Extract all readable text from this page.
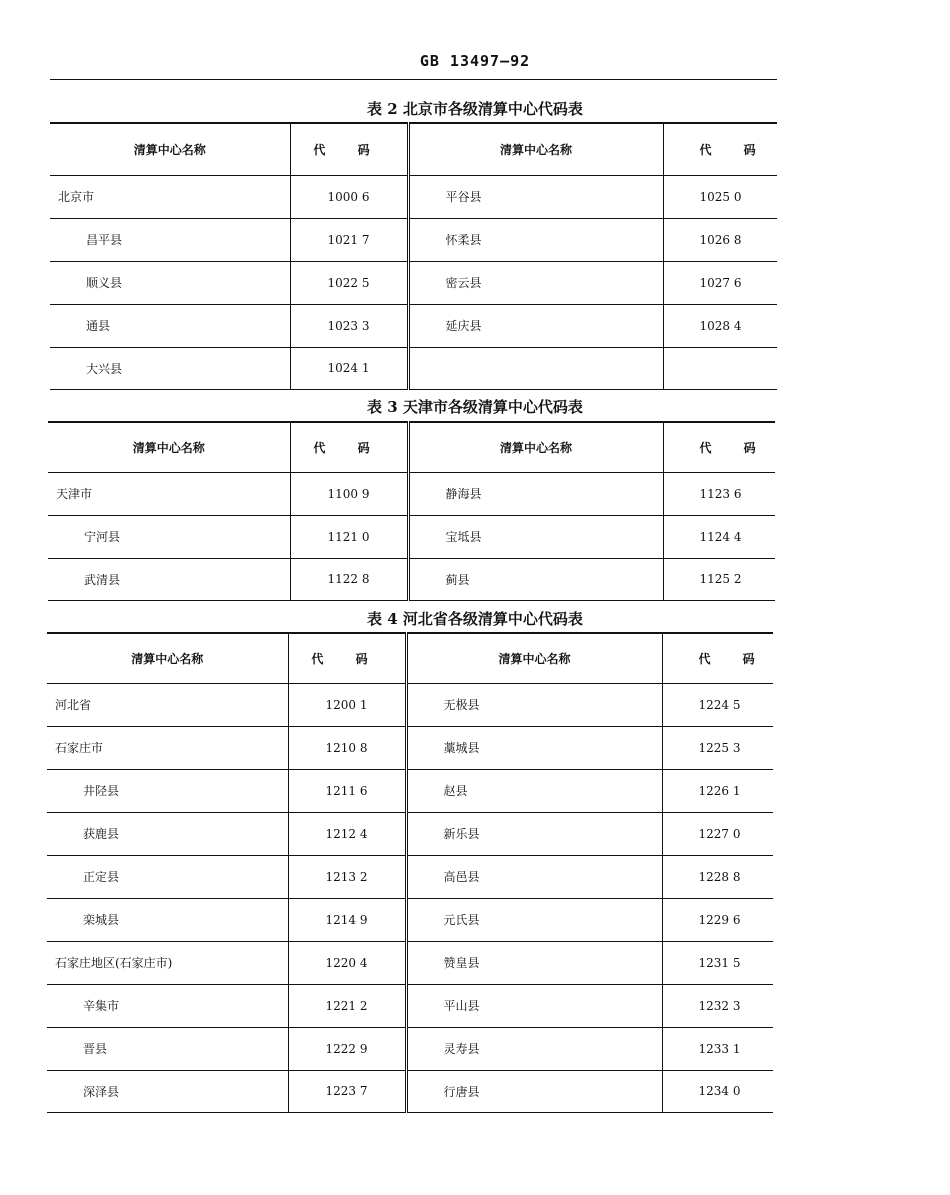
GB 13497—92
表 2 北京市各级清算中心代码表
清算中心名称	代 码	清算中心名称	代 码
北京市	1000 6	平谷县	1025 0
昌平县	1021 7	怀柔县	1026 8
顺义县	1022 5	密云县	1027 6
通县	1023 3	延庆县	1028 4
大兴县	1024 1		
表 3 天津市各级清算中心代码表
清算中心名称	代 码	清算中心名称	代 码
天津市	1100 9	静海县	1123 6
宁河县	1121 0	宝坻县	1124 4
武清县	1122 8	蓟县	1125 2
表 4 河北省各级清算中心代码表
清算中心名称	代 码	清算中心名称	代 码
河北省	1200 1	无极县	1224 5
石家庄市	1210 8	藁城县	1225 3
井陉县	1211 6	赵县	1226 1
获鹿县	1212 4	新乐县	1227 0
正定县	1213 2	高邑县	1228 8
栾城县	1214 9	元氏县	1229 6
石家庄地区(石家庄市)	1220 4	赞皇县	1231 5
辛集市	1221 2	平山县	1232 3
晋县	1222 9	灵寿县	1233 1
深泽县	1223 7	行唐县	1234 0
